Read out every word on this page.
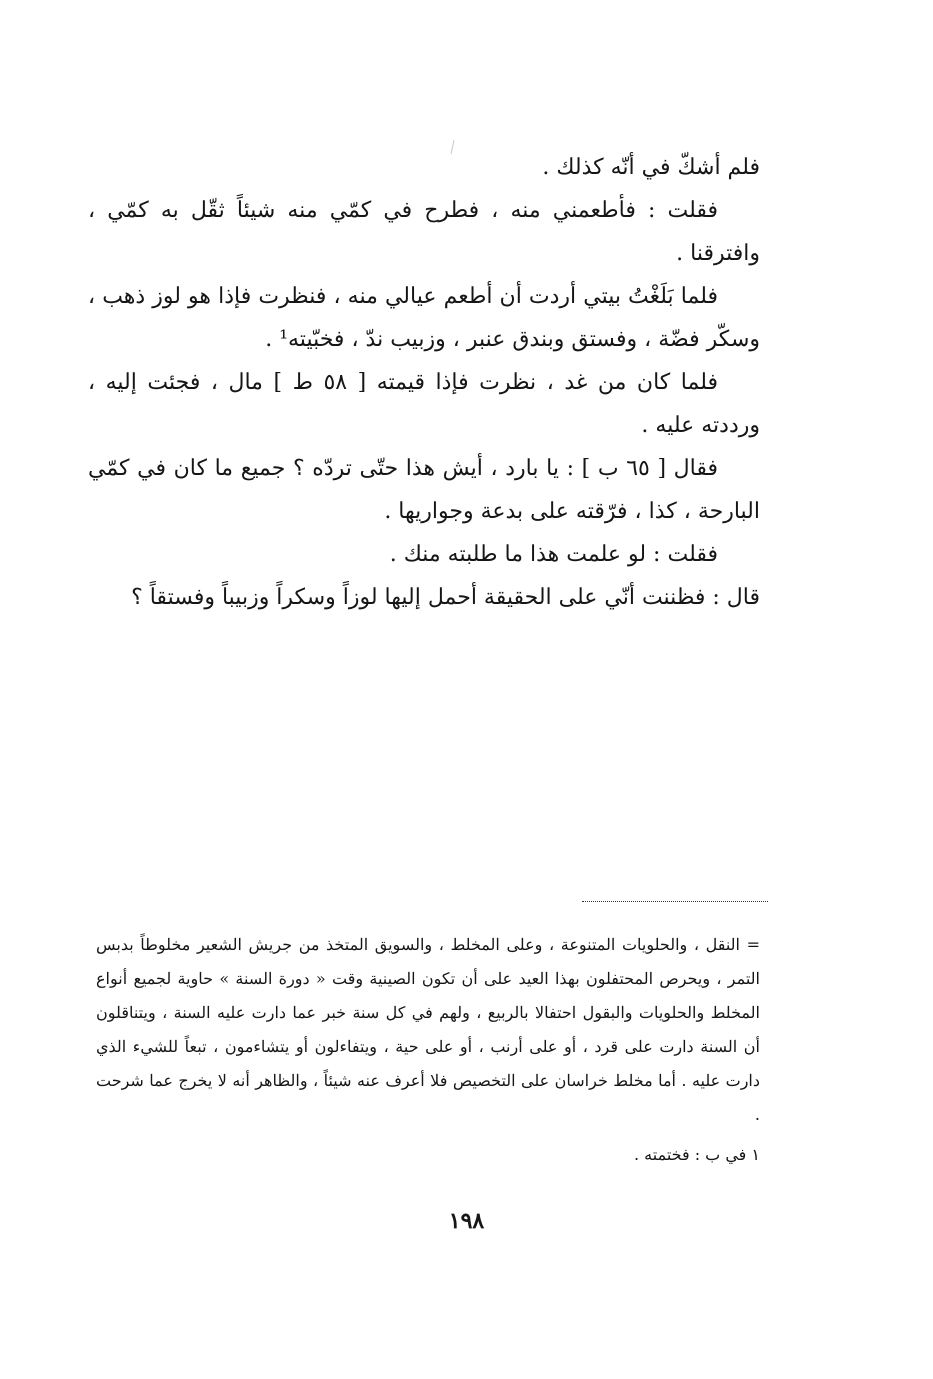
فلم أشكّ في أنّه كذلك .

فقلت : فأطعمني منه ، فطرح في كمّي منه شيئاً ثقّل به كمّي ، وافترقنا .

فلما بَلَغْتُ بيتي أردت أن أطعم عيالي منه ، فنظرت فإذا هو لوز ذهب ، وسكّر فضّة ، وفستق وبندق عنبر ، وزبيب ندّ ، فخبّيته¹ .

فلما كان من غد ، نظرت فإذا قيمته [ ٥٨ ط ] مال ، فجئت إليه ، ورددته عليه .

فقال [ ٦٥ ب ] : يا بارد ، أيش هذا حتّى تردّه ؟ جميع ما كان في كمّي البارحة ، كذا ، فرّقته على بدعة وجواريها .

فقلت : لو علمت هذا ما طلبته منك .

قال : فظننت أنّي على الحقيقة أحمل إليها لوزاً وسكراً وزبيباً وفستقاً ؟

= النقل ، والحلويات المتنوعة ، وعلى المخلط ، والسويق المتخذ من جريش الشعير مخلوطاً بدبس التمر ، ويحرص المحتفلون بهذا العيد على أن تكون الصينية وقت « دورة السنة » حاوية لجميع أنواع المخلط والحلويات والبقول احتفالا بالربيع ، ولهم في كل سنة خبر عما دارت عليه السنة ، ويتناقلون أن السنة دارت على قرد ، أو على أرنب ، أو على حية ، ويتفاءلون أو يتشاءمون ، تبعاً للشيء الذي دارت عليه . أما مخلط خراسان على التخصيص فلا أعرف عنه شيئاً ، والظاهر أنه لا يخرج عما شرحت .

١ في ب : فختمته .

١٩٨
